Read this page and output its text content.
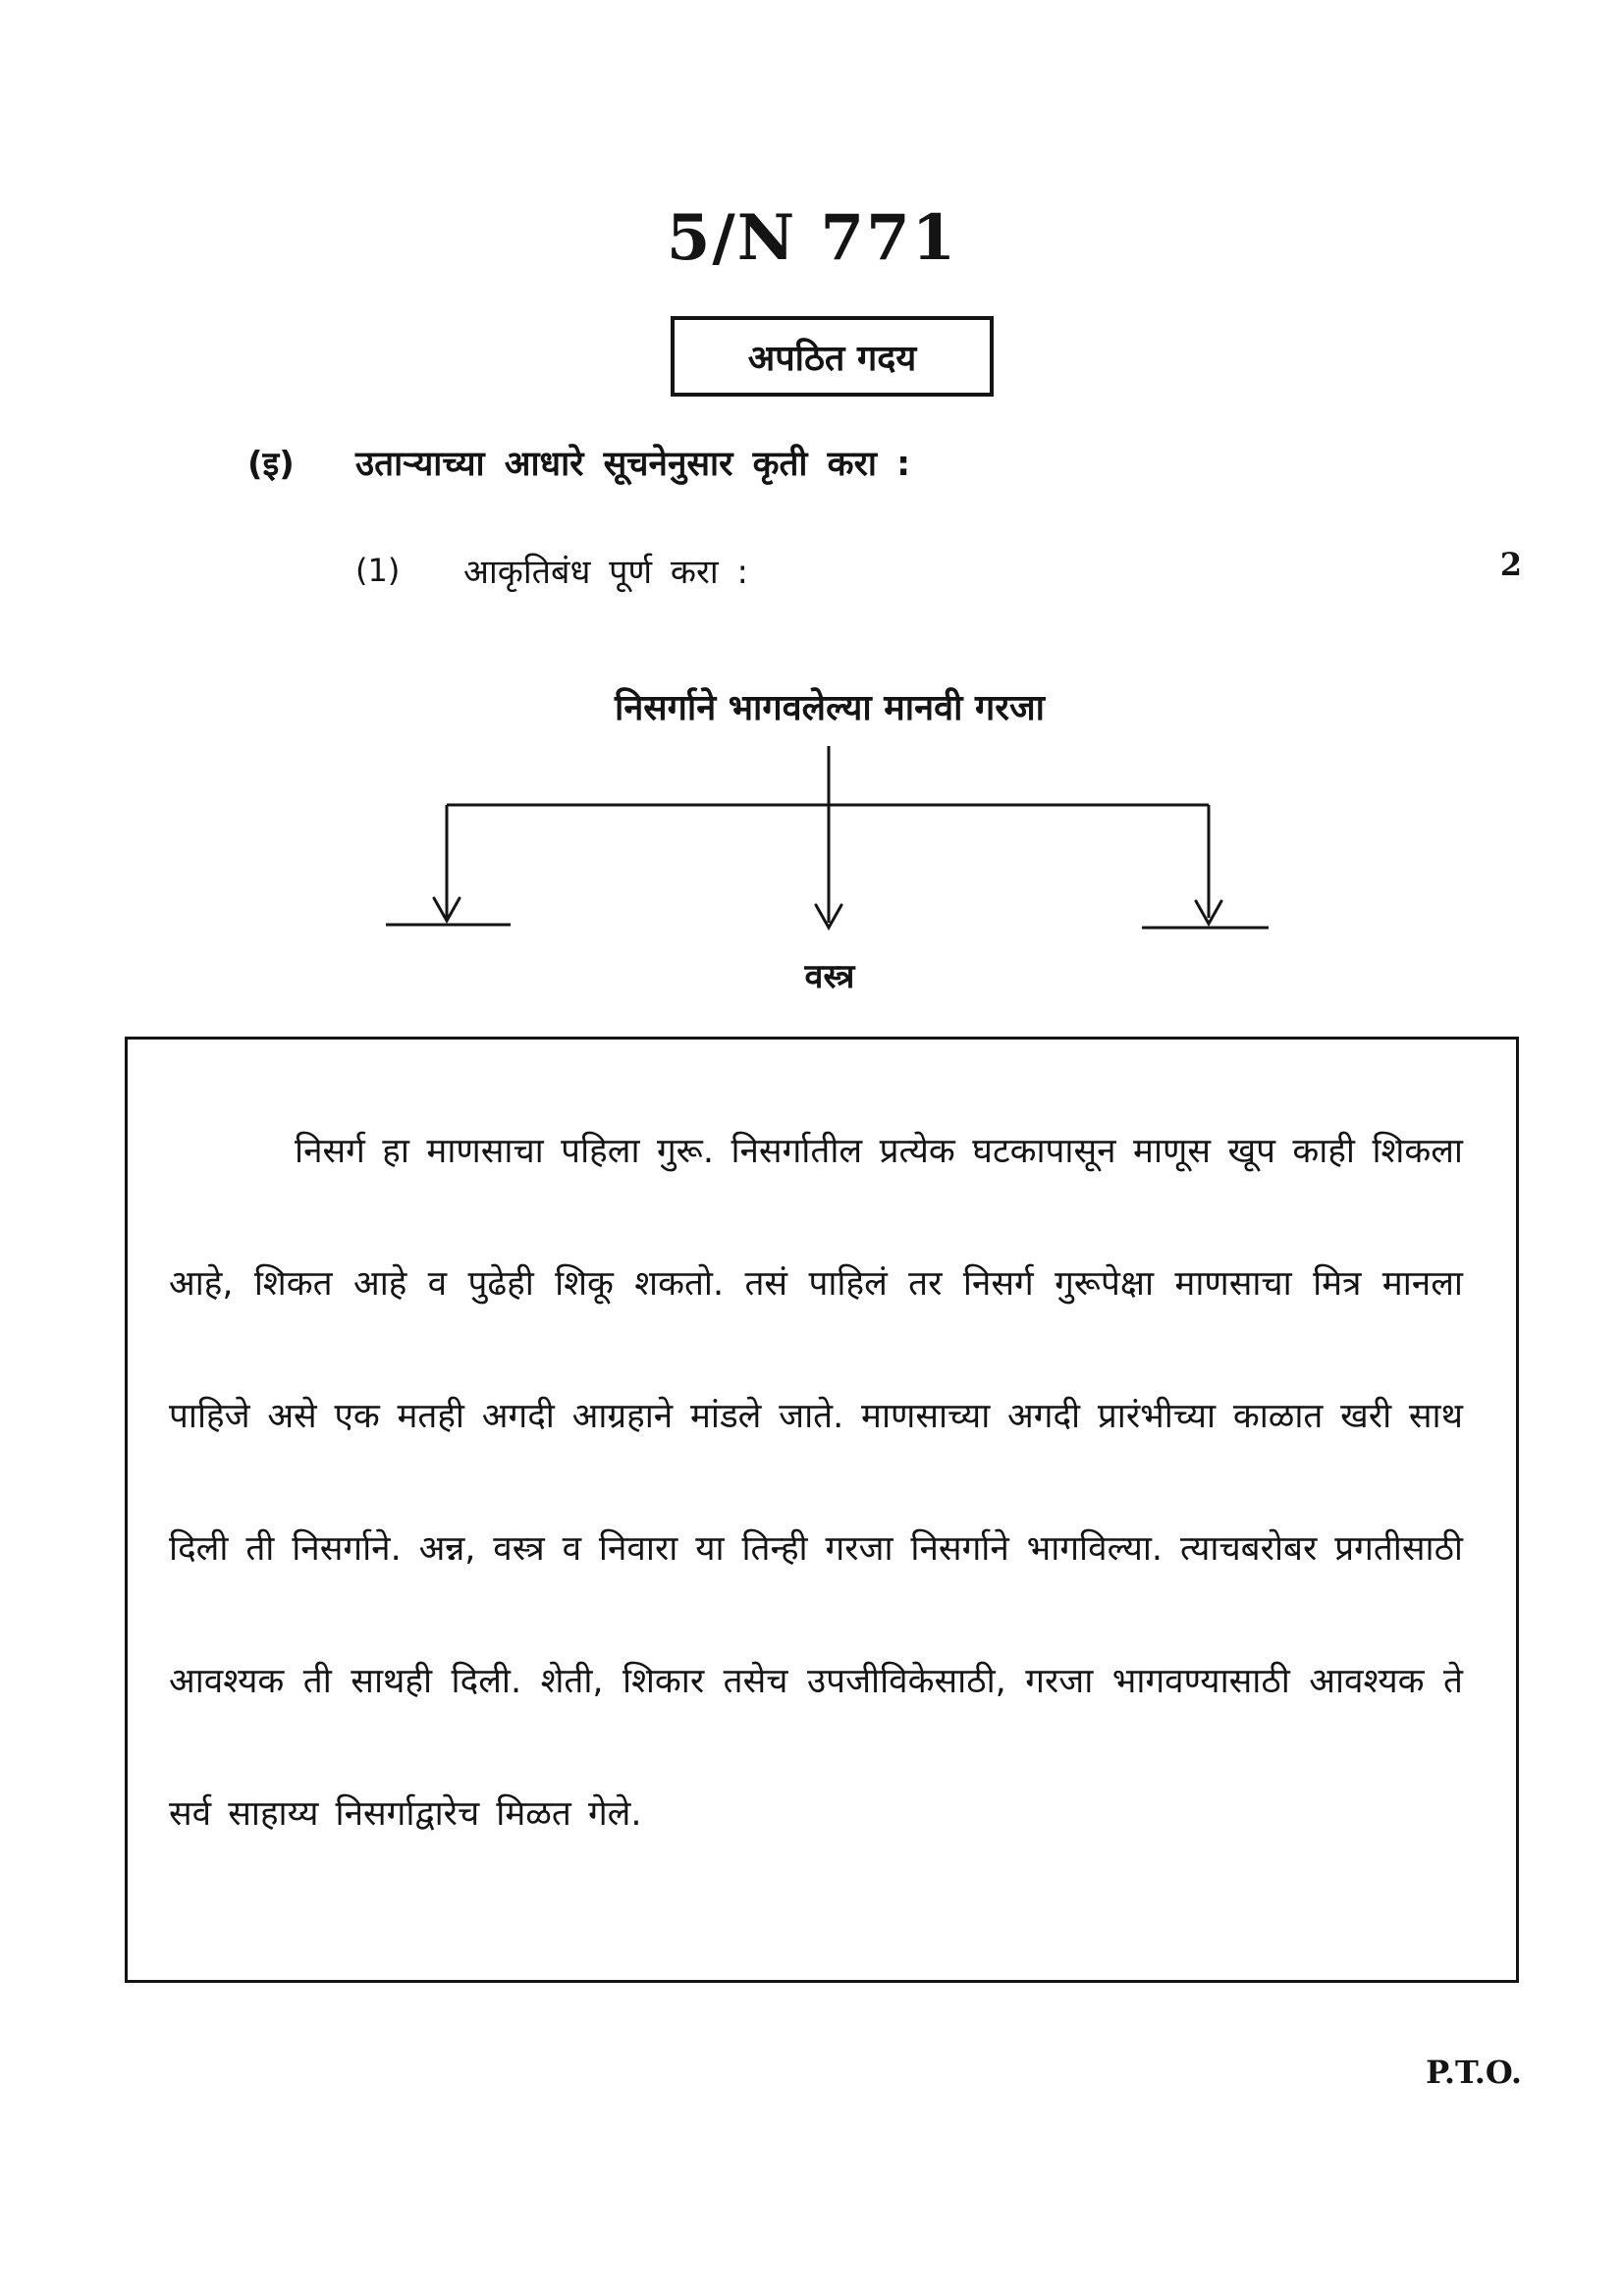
5/N 771
अपठित गदय
(इ) उताऱ्याच्या आधारे सूचनेनुसार कृती करा :
(1) आकृतिबंध पूर्ण करा :	2
निसर्गाने भागवलेल्या मानवी गरजा
वस्त्र

निसर्ग हा माणसाचा पहिला गुरू. निसर्गातील प्रत्येक घटकापासून माणूस खूप काही शिकला आहे, शिकत आहे व पुढेही शिकू शकतो. तसं पाहिलं तर निसर्ग गुरूपेक्षा माणसाचा मित्र मानला पाहिजे असे एक मतही अगदी आग्रहाने मांडले जाते. माणसाच्या अगदी प्रारंभीच्या काळात खरी साथ दिली ती निसर्गाने. अन्न, वस्त्र व निवारा या तिन्ही गरजा निसर्गाने भागविल्या. त्याचबरोबर प्रगतीसाठी आवश्यक ती साथही दिली. शेती, शिकार तसेच उपजीविकेसाठी, गरजा भागवण्यासाठी आवश्यक ते सर्व साहाय्य निसर्गाद्वारेच मिळत गेले.

P.T.O.
